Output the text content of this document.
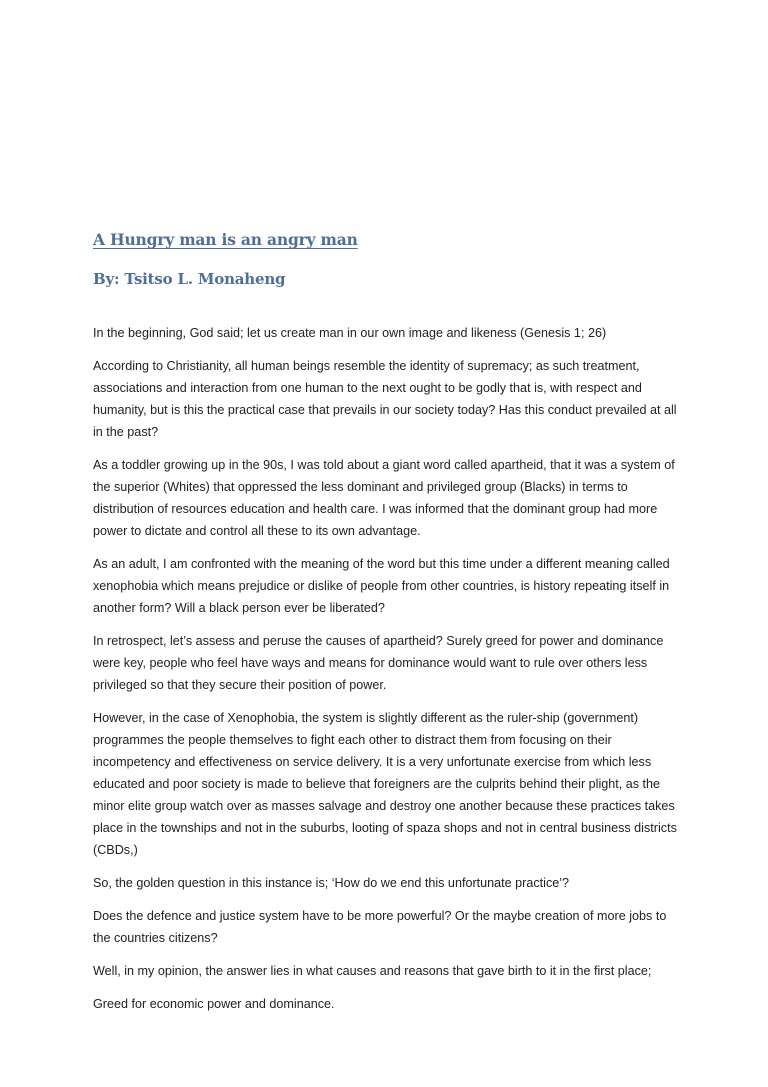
A Hungry man is an angry man
By: Tsitso L. Monaheng

In the beginning, God said; let us create man in our own image and likeness (Genesis 1; 26)

According to Christianity, all human beings resemble the identity of supremacy; as such treatment, associations and interaction from one human to the next ought to be godly that is, with respect and humanity, but is this the practical case that prevails in our society today? Has this conduct prevailed at all in the past?

As a toddler growing up in the 90s, I was told about a giant word called apartheid, that it was a system of the superior (Whites) that oppressed the less dominant and privileged group (Blacks) in terms to distribution of resources education and health care. I was informed that the dominant group had more power to dictate and control all these to its own advantage.

As an adult, I am confronted with the meaning of the word but this time under a different meaning called xenophobia which means prejudice or dislike of people from other countries, is history repeating itself in another form? Will a black person ever be liberated?

In retrospect, let’s assess and peruse the causes of apartheid? Surely greed for power and dominance were key, people who feel have ways and means for dominance would want to rule over others less privileged so that they secure their position of power.

However, in the case of Xenophobia, the system is slightly different as the ruler-ship (government) programmes the people themselves to fight each other to distract them from focusing on their incompetency and effectiveness on service delivery. It is a very unfortunate exercise from which less educated and poor society is made to believe that foreigners are the culprits behind their plight, as the minor elite group watch over as masses salvage and destroy one another because these practices takes place in the townships and not in the suburbs, looting of spaza shops and not in central business districts (CBDs,)

So, the golden question in this instance is; ‘How do we end this unfortunate practice’?

Does the defence and justice system have to be more powerful? Or the maybe creation of more jobs to the countries citizens?

Well, in my opinion, the answer lies in what causes and reasons that gave birth to it in the first place;

Greed for economic power and dominance.
